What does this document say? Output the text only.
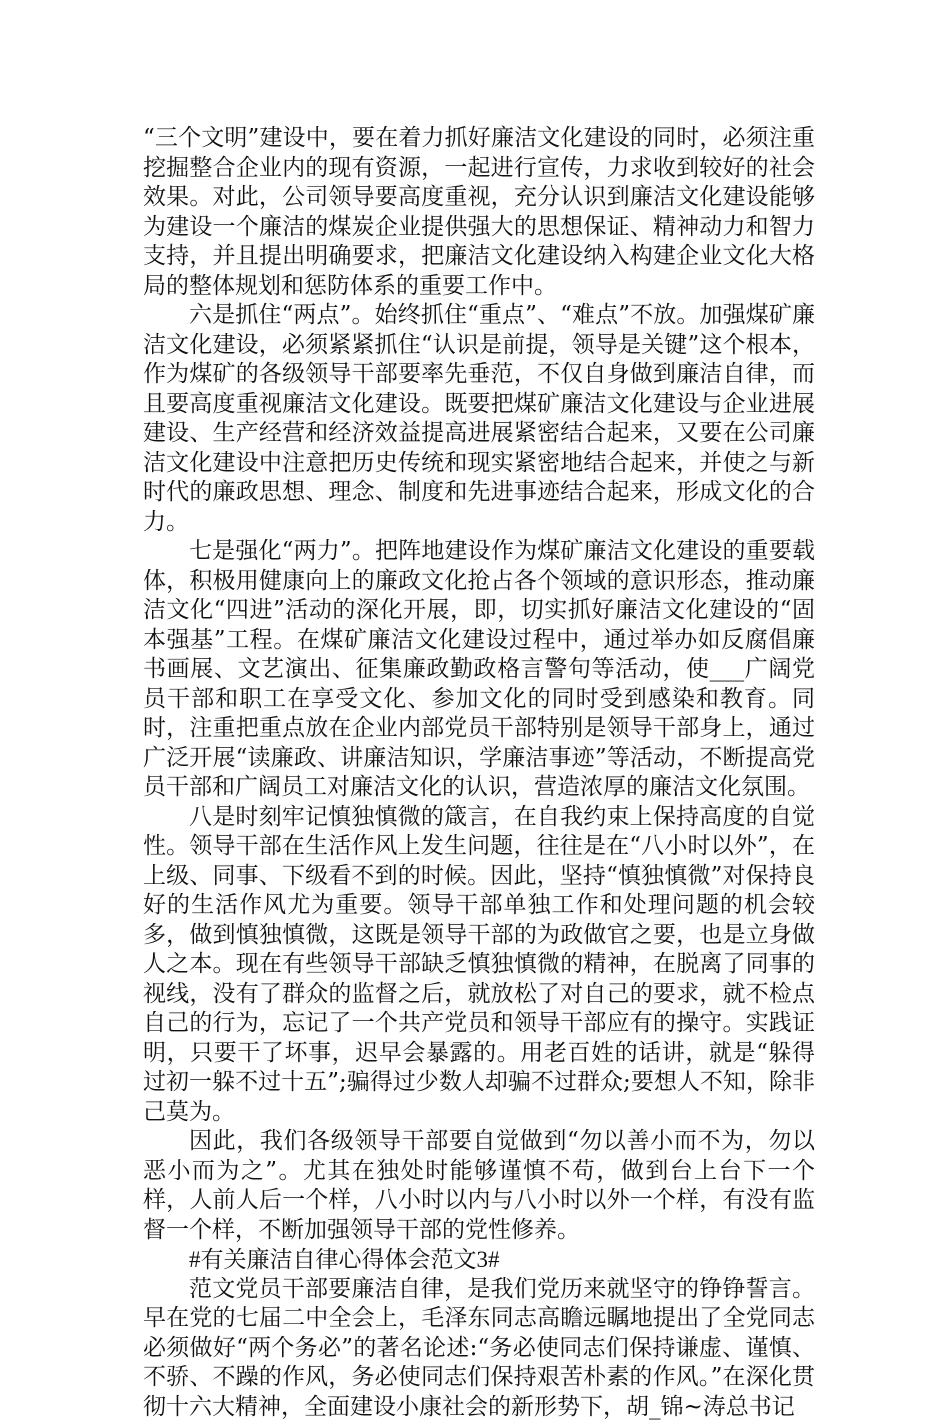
“三个文明”建设中，要在着力抓好廉洁文化建设的同时，必须注重挖掘整合企业内的现有资源，一起进行宣传，力求收到较好的社会效果。对此，公司领导要高度重视，充分认识到廉洁文化建设能够为建设一个廉洁的煤炭企业提供强大的思想保证、精神动力和智力支持，并且提出明确要求，把廉洁文化建设纳入构建企业文化大格局的整体规划和惩防体系的重要工作中。

六是抓住“两点”。始终抓住“重点”、“难点”不放。加强煤矿廉洁文化建设，必须紧紧抓住“认识是前提，领导是关键”这个根本，作为煤矿的各级领导干部要率先垂范，不仅自身做到廉洁自律，而且要高度重视廉洁文化建设。既要把煤矿廉洁文化建设与企业进展建设、生产经营和经济效益提高进展紧密结合起来，又要在公司廉洁文化建设中注意把历史传统和现实紧密地结合起来，并使之与新时代的廉政思想、理念、制度和先进事迹结合起来，形成文化的合力。

七是强化“两力”。把阵地建设作为煤矿廉洁文化建设的重要载体，积极用健康向上的廉政文化抢占各个领域的意识形态，推动廉洁文化“四进”活动的深化开展，即，切实抓好廉洁文化建设的“固本强基”工程。在煤矿廉洁文化建设过程中，通过举办如反腐倡廉书画展、文艺演出、征集廉政勤政格言警句等活动，使___广阔党员干部和职工在享受文化、参加文化的同时受到感染和教育。同时，注重把重点放在企业内部党员干部特别是领导干部身上，通过广泛开展“读廉政、讲廉洁知识，学廉洁事迹”等活动，不断提高党员干部和广阔员工对廉洁文化的认识，营造浓厚的廉洁文化氛围。

八是时刻牢记慎独慎微的箴言，在自我约束上保持高度的自觉性。领导干部在生活作风上发生问题，往往是在“八小时以外”，在上级、同事、下级看不到的时候。因此，坚持“慎独慎微”对保持良好的生活作风尤为重要。领导干部单独工作和处理问题的机会较多，做到慎独慎微，这既是领导干部的为政做官之要，也是立身做人之本。现在有些领导干部缺乏慎独慎微的精神，在脱离了同事的视线，没有了群众的监督之后，就放松了对自己的要求，就不检点自己的行为，忘记了一个共产党员和领导干部应有的操守。实践证明，只要干了坏事，迟早会暴露的。用老百姓的话讲，就是“躲得过初一躲不过十五”;骗得过少数人却骗不过群众;要想人不知，除非己莫为。

因此，我们各级领导干部要自觉做到“勿以善小而不为，勿以恶小而为之”。尤其在独处时能够谨慎不苟，做到台上台下一个样，人前人后一个样，八小时以内与八小时以外一个样，有没有监督一个样，不断加强领导干部的党性修养。

#有关廉洁自律心得体会范文3#

范文党员干部要廉洁自律，是我们党历来就坚守的铮铮誓言。早在党的七届二中全会上，毛泽东同志高瞻远瞩地提出了全党同志必须做好“两个务必”的著名论述:“务必使同志们保持谦虚、谨慎、不骄、不躁的作风，务必使同志们保持艰苦朴素的作风。”在深化贯彻十六大精神，全面建设小康社会的新形势下，胡_锦~涛总书记
